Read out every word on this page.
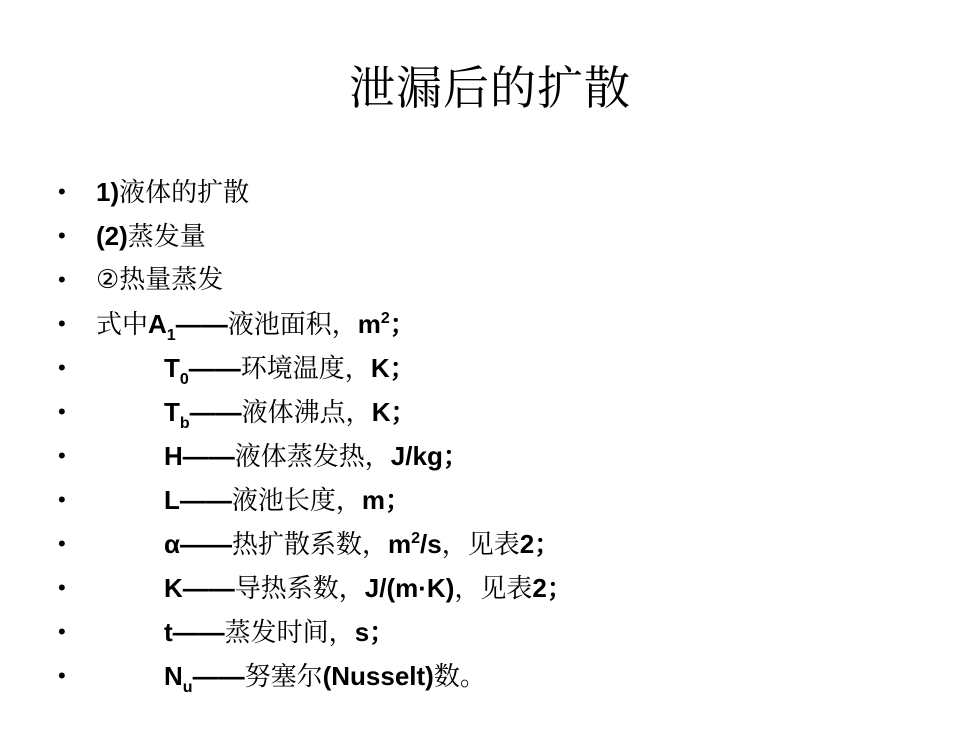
泄漏后的扩散
•	1)液体的扩散
•	(2)蒸发量
•	②热量蒸发
•	式中$A_1——$液池面积，$m^2$；
•	$T_0——$环境温度，K；
•	$T_b——$液体沸点，K；
•	H——液体蒸发热，J/kg；
•	L——液池长度，m；
•	α——热扩散系数，$m^2/s$，见表2；
•	K——导热系数，J/(m·K)，见表2；
•	t——蒸发时间，s；
•	$N_u——$努塞尔(Nusselt)数。
